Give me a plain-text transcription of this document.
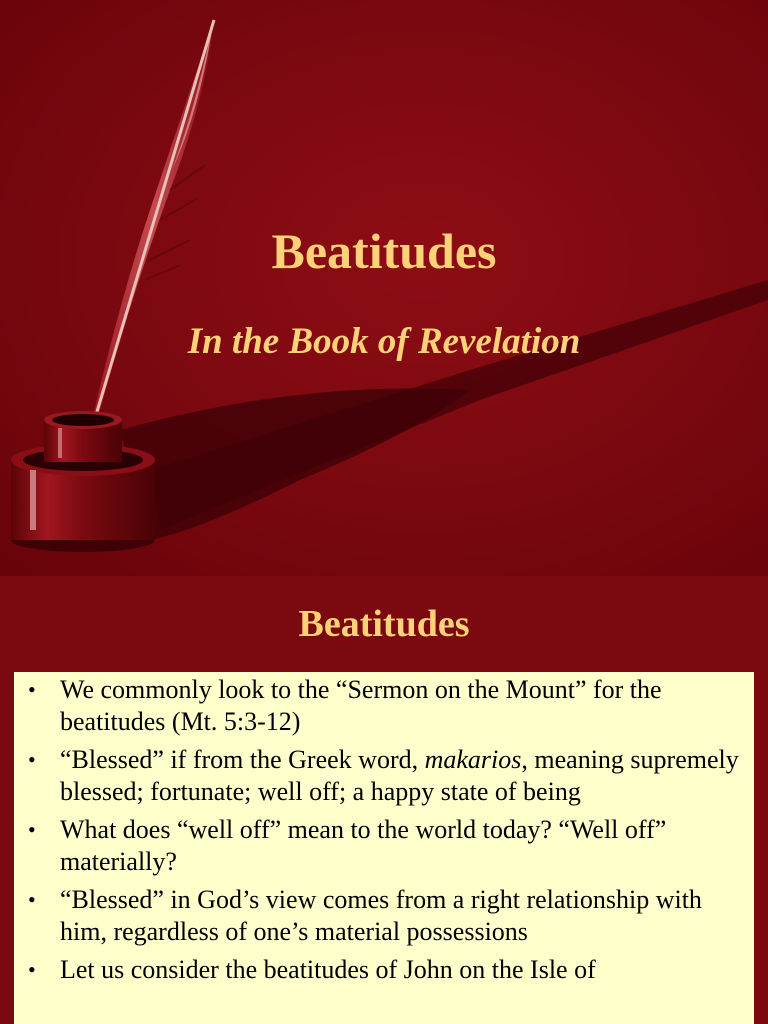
Beatitudes
In the Book of Revelation
Beatitudes
• We commonly look to the “Sermon on the Mount” for the beatitudes (Mt. 5:3-12)
• “Blessed” if from the Greek word, makarios, meaning supremely blessed; fortunate; well off; a happy state of being
• What does “well off” mean to the world today? “Well off” materially?
• “Blessed” in God’s view comes from a right relationship with him, regardless of one’s material possessions
• Let us consider the beatitudes of John on the Isle of
